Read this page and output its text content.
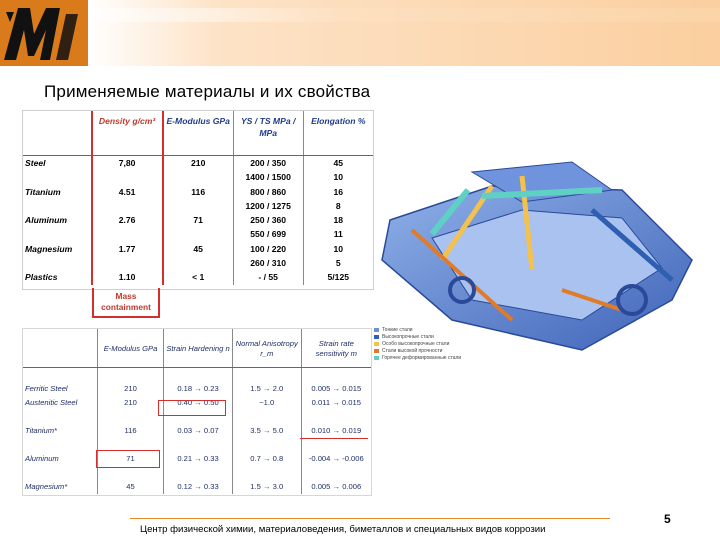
Применяемые материалы и их свойства
	Density g/cm³	E-Modulus GPa	YS / TS MPa / MPa	Elongation %
Steel	7,80	210	200 / 350	45
			1400 / 1500	10
Titanium	4.51	116	800 / 860	16
			1200 / 1275	8
Aluminum	2.76	71	250 / 360	18
			550 / 699	11
Magnesium	1.77	45	100 / 220	10
			260 / 310	5
Plastics	1.10	< 1	- / 55	5/125
Mass containment
	E-Modulus GPa	Strain Hardening n	Normal Anisotropy r_m	Strain rate sensitivity m

Ferritic Steel	210	0.18 → 0.23	1.5 → 2.0	0.005 → 0.015
Austenitic Steel	210	0.40 → 0.50	~1.0	0.011 → 0.015

Titanium*	116	0.03 → 0.07	3.5 → 5.0	0.010 → 0.019

Aluminum	71	0.21 → 0.33	0.7 → 0.8	-0.004 → -0.006

Magnesium*	45	0.12 → 0.33	1.5 → 3.0	0.005 → 0.006
Тонкие стали
Высокопрочные стали
Особо высокопрочные стали
Стали высокой прочности
Горячее деформированные стали
Центр физической химии, материаловедения, биметаллов и специальных видов коррозии
5
